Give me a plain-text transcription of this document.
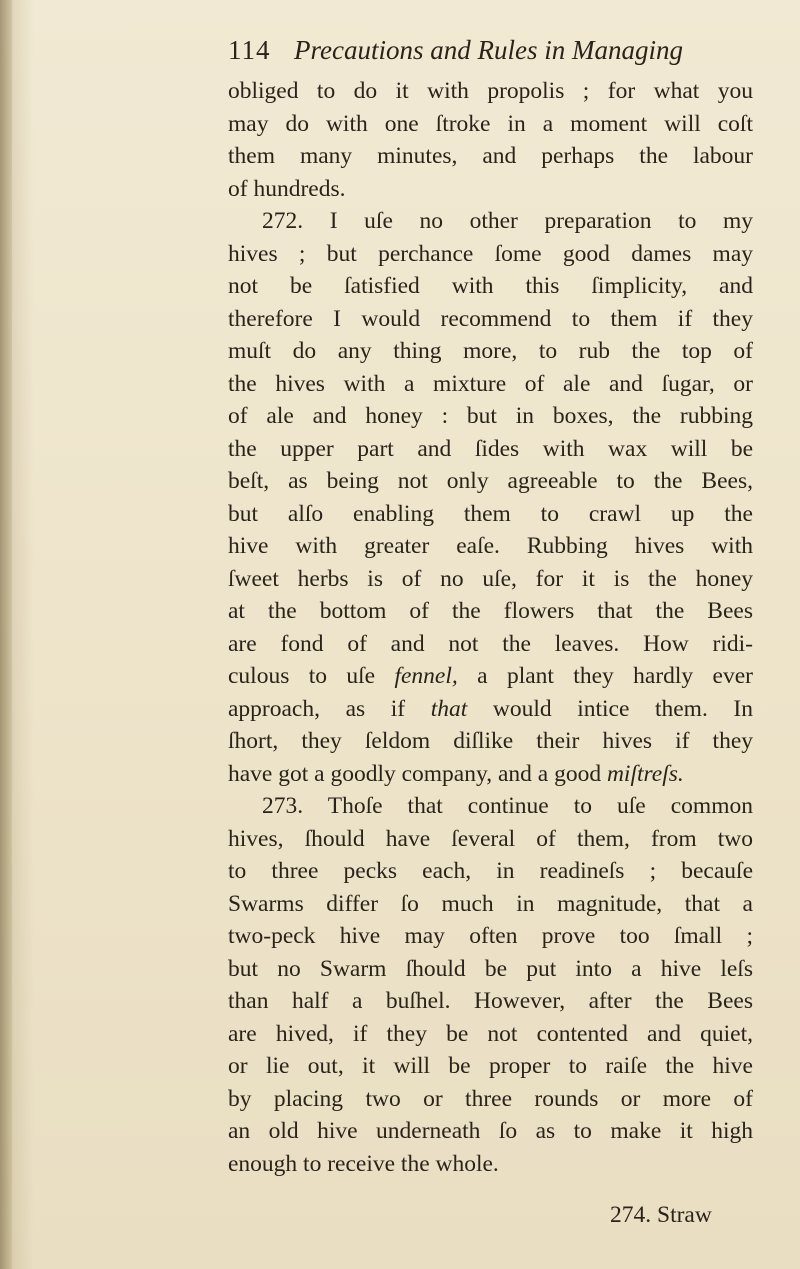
114 Precautions and Rules in Managing
obliged to do it with propolis ; for what you
may do with one ſtroke in a moment will coſt
them many minutes, and perhaps the labour
of hundreds.
272. I uſe no other preparation to my
hives ; but perchance ſome good dames may
not be ſatisfied with this ſimplicity, and
therefore I would recommend to them if they
muſt do any thing more, to rub the top of
the hives with a mixture of ale and ſugar, or
of ale and honey : but in boxes, the rubbing
the upper part and ſides with wax will be
beſt, as being not only agreeable to the Bees,
but alſo enabling them to crawl up the
hive with greater eaſe. Rubbing hives with
ſweet herbs is of no uſe, for it is the honey
at the bottom of the flowers that the Bees
are fond of and not the leaves. How ridi-
culous to uſe fennel, a plant they hardly ever
approach, as if that would intice them. In
ſhort, they ſeldom diſlike their hives if they
have got a goodly company, and a good miſtreſs.
273. Thoſe that continue to uſe common
hives, ſhould have ſeveral of them, from two
to three pecks each, in readineſs ; becauſe
Swarms differ ſo much in magnitude, that a
two-peck hive may often prove too ſmall ;
but no Swarm ſhould be put into a hive leſs
than half a buſhel. However, after the Bees
are hived, if they be not contented and quiet,
or lie out, it will be proper to raiſe the hive
by placing two or three rounds or more of
an old hive underneath ſo as to make it high
enough to receive the whole.
274. Straw
